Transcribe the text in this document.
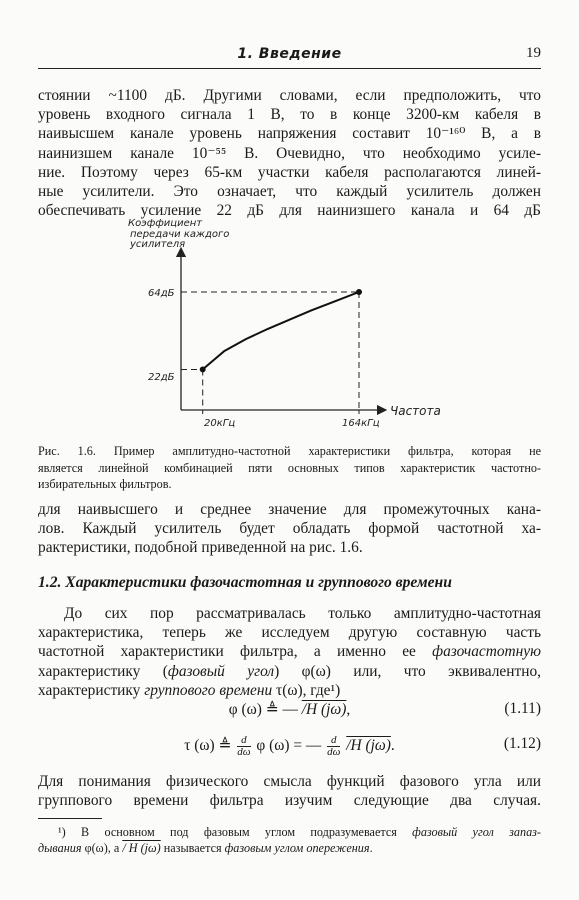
1. Введение	19
стоянии ~1100 дБ. Другими словами, если предположить, что
уровень входного сигнала 1 В, то в конце 3200-км кабеля в
наивысшем канале уровень напряжения составит 10⁻¹⁶⁰ В, а в
наинизшем канале 10⁻⁵⁵ В. Очевидно, что необходимо усиле-
ние. Поэтому через 65-км участки кабеля располагаются линей-
ные усилители. Это означает, что каждый усилитель должен
обеспечивать усиление 22 дБ для наинизшего канала и 64 дБ
Коэффициент
передачи каждого
усилителя
Частота
64дБ
22дБ
20кГц	164кГц
Рис. 1.6. Пример амплитудно-частотной характеристики фильтра, которая не
является линейной комбинацией пяти основных типов характеристик частотно-
избирательных фильтров.
для наивысшего и среднее значение для промежуточных кана-
лов. Каждый усилитель будет обладать формой частотной ха-
рактеристики, подобной приведенной на рис. 1.6.
1.2. Характеристики фазочастотная и группового времени
До сих пор рассматривалась только амплитудно-частотная
характеристика, теперь же исследуем другую составную часть
частотной характеристики фильтра, а именно ее фазочастотную
характеристику (фазовый угол) φ(ω) или, что эквивалентно,
характеристику группового времени τ(ω), где¹)
φ (ω) ≜ — /H (jω),	(1.11)
τ (ω) ≜ $\frac{d}{d\omega}$ φ (ω) = — $\frac{d}{d\omega} /H$ (jω).	(1.12)
Для понимания физического смысла функций фазового угла или
группового времени фильтра изучим следующие два случая.
¹) В основном под фазовым углом подразумевается фазовый угол запаз-
дывания φ(ω), а / H (jω) называется фазовым углом опережения.
